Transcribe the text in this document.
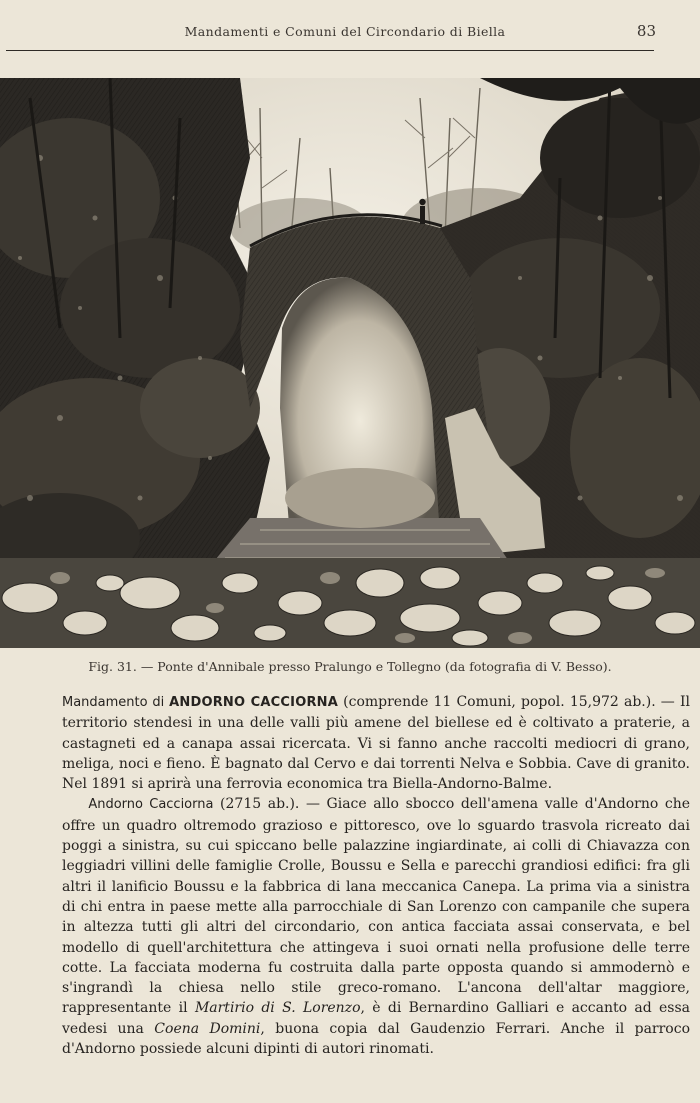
Mandamenti e Comuni del Circondario di Biella	83
Fig. 31. — Ponte d'Annibale presso Pralungo e Tollegno (da fotografia di V. Besso).

Mandamento di ANDORNO CACCIORNA (comprende 11 Comuni, popol. 15,972 ab.). — Il territorio stendesi in una delle valli più amene del biellese ed è coltivato a praterie, a castagneti ed a canapa assai ricercata. Vi si fanno anche raccolti mediocri di grano, meliga, noci e fieno. È bagnato dal Cervo e dai torrenti Nelva e Sobbia. Cave di granito. Nel 1891 si aprirà una ferrovia economica tra Biella-Andorno-Balme.

Andorno Cacciorna (2715 ab.). — Giace allo sbocco dell'amena valle d'Andorno che offre un quadro oltremodo grazioso e pittoresco, ove lo sguardo trasvola ricreato dai poggi a sinistra, su cui spiccano belle palazzine ingiardinate, ai colli di Chiavazza con leggiadri villini delle famiglie Crolle, Boussu e Sella e parecchi grandiosi edifici: fra gli altri il lanificio Boussu e la fabbrica di lana meccanica Canepa. La prima via a sinistra di chi entra in paese mette alla parrocchiale di San Lorenzo con campanile che supera in altezza tutti gli altri del circondario, con antica facciata assai conservata, e bel modello di quell'architettura che attingeva i suoi ornati nella profusione delle terre cotte. La facciata moderna fu costruita dalla parte opposta quando si ammodernò e s'ingrandì la chiesa nello stile greco-romano. L'ancona dell'altar maggiore, rappresentante il Martirio di S. Lorenzo, è di Bernardino Galliari e accanto ad essa vedesi una Coena Domini, buona copia dal Gaudenzio Ferrari. Anche il parroco d'Andorno possiede alcuni dipinti di autori rinomati.
